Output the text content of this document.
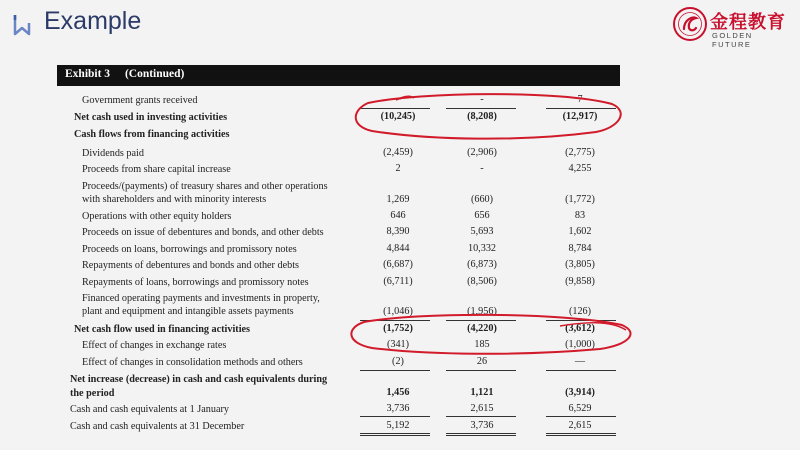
Example	金程教育
GOLDEN FUTURE
Exhibit 3 (Continued)
Government grants received	–	-	7
Net cash used in investing activities	(10,245)	(8,208)	(12,917)
Cash flows from financing activities
Dividends paid	(2,459)	(2,906)	(2,775)
Proceeds from share capital increase	2	-	4,255
Proceeds/(payments) of treasury shares and other operations
with shareholders and with minority interests	1,269	(660)	(1,772)
Operations with other equity holders	646	656	83
Proceeds on issue of debentures and bonds, and other debts	8,390	5,693	1,602
Proceeds on loans, borrowings and promissory notes	4,844	10,332	8,784
Repayments of debentures and bonds and other debts	(6,687)	(6,873)	(3,805)
Repayments of loans, borrowings and promissory notes	(6,711)	(8,506)	(9,858)
Financed operating payments and investments in property,
plant and equipment and intangible assets payments	(1,046)	(1,956)	(126)
Net cash flow used in financing activities	(1,752)	(4,220)	(3,612)
Effect of changes in exchange rates	(341)	185	(1,000)
Effect of changes in consolidation methods and others	(2)	26	—
Net increase (decrease) in cash and cash equivalents during
the period	1,456	1,121	(3,914)
Cash and cash equivalents at 1 January	3,736	2,615	6,529
Cash and cash equivalents at 31 December	5,192	3,736	2,615
